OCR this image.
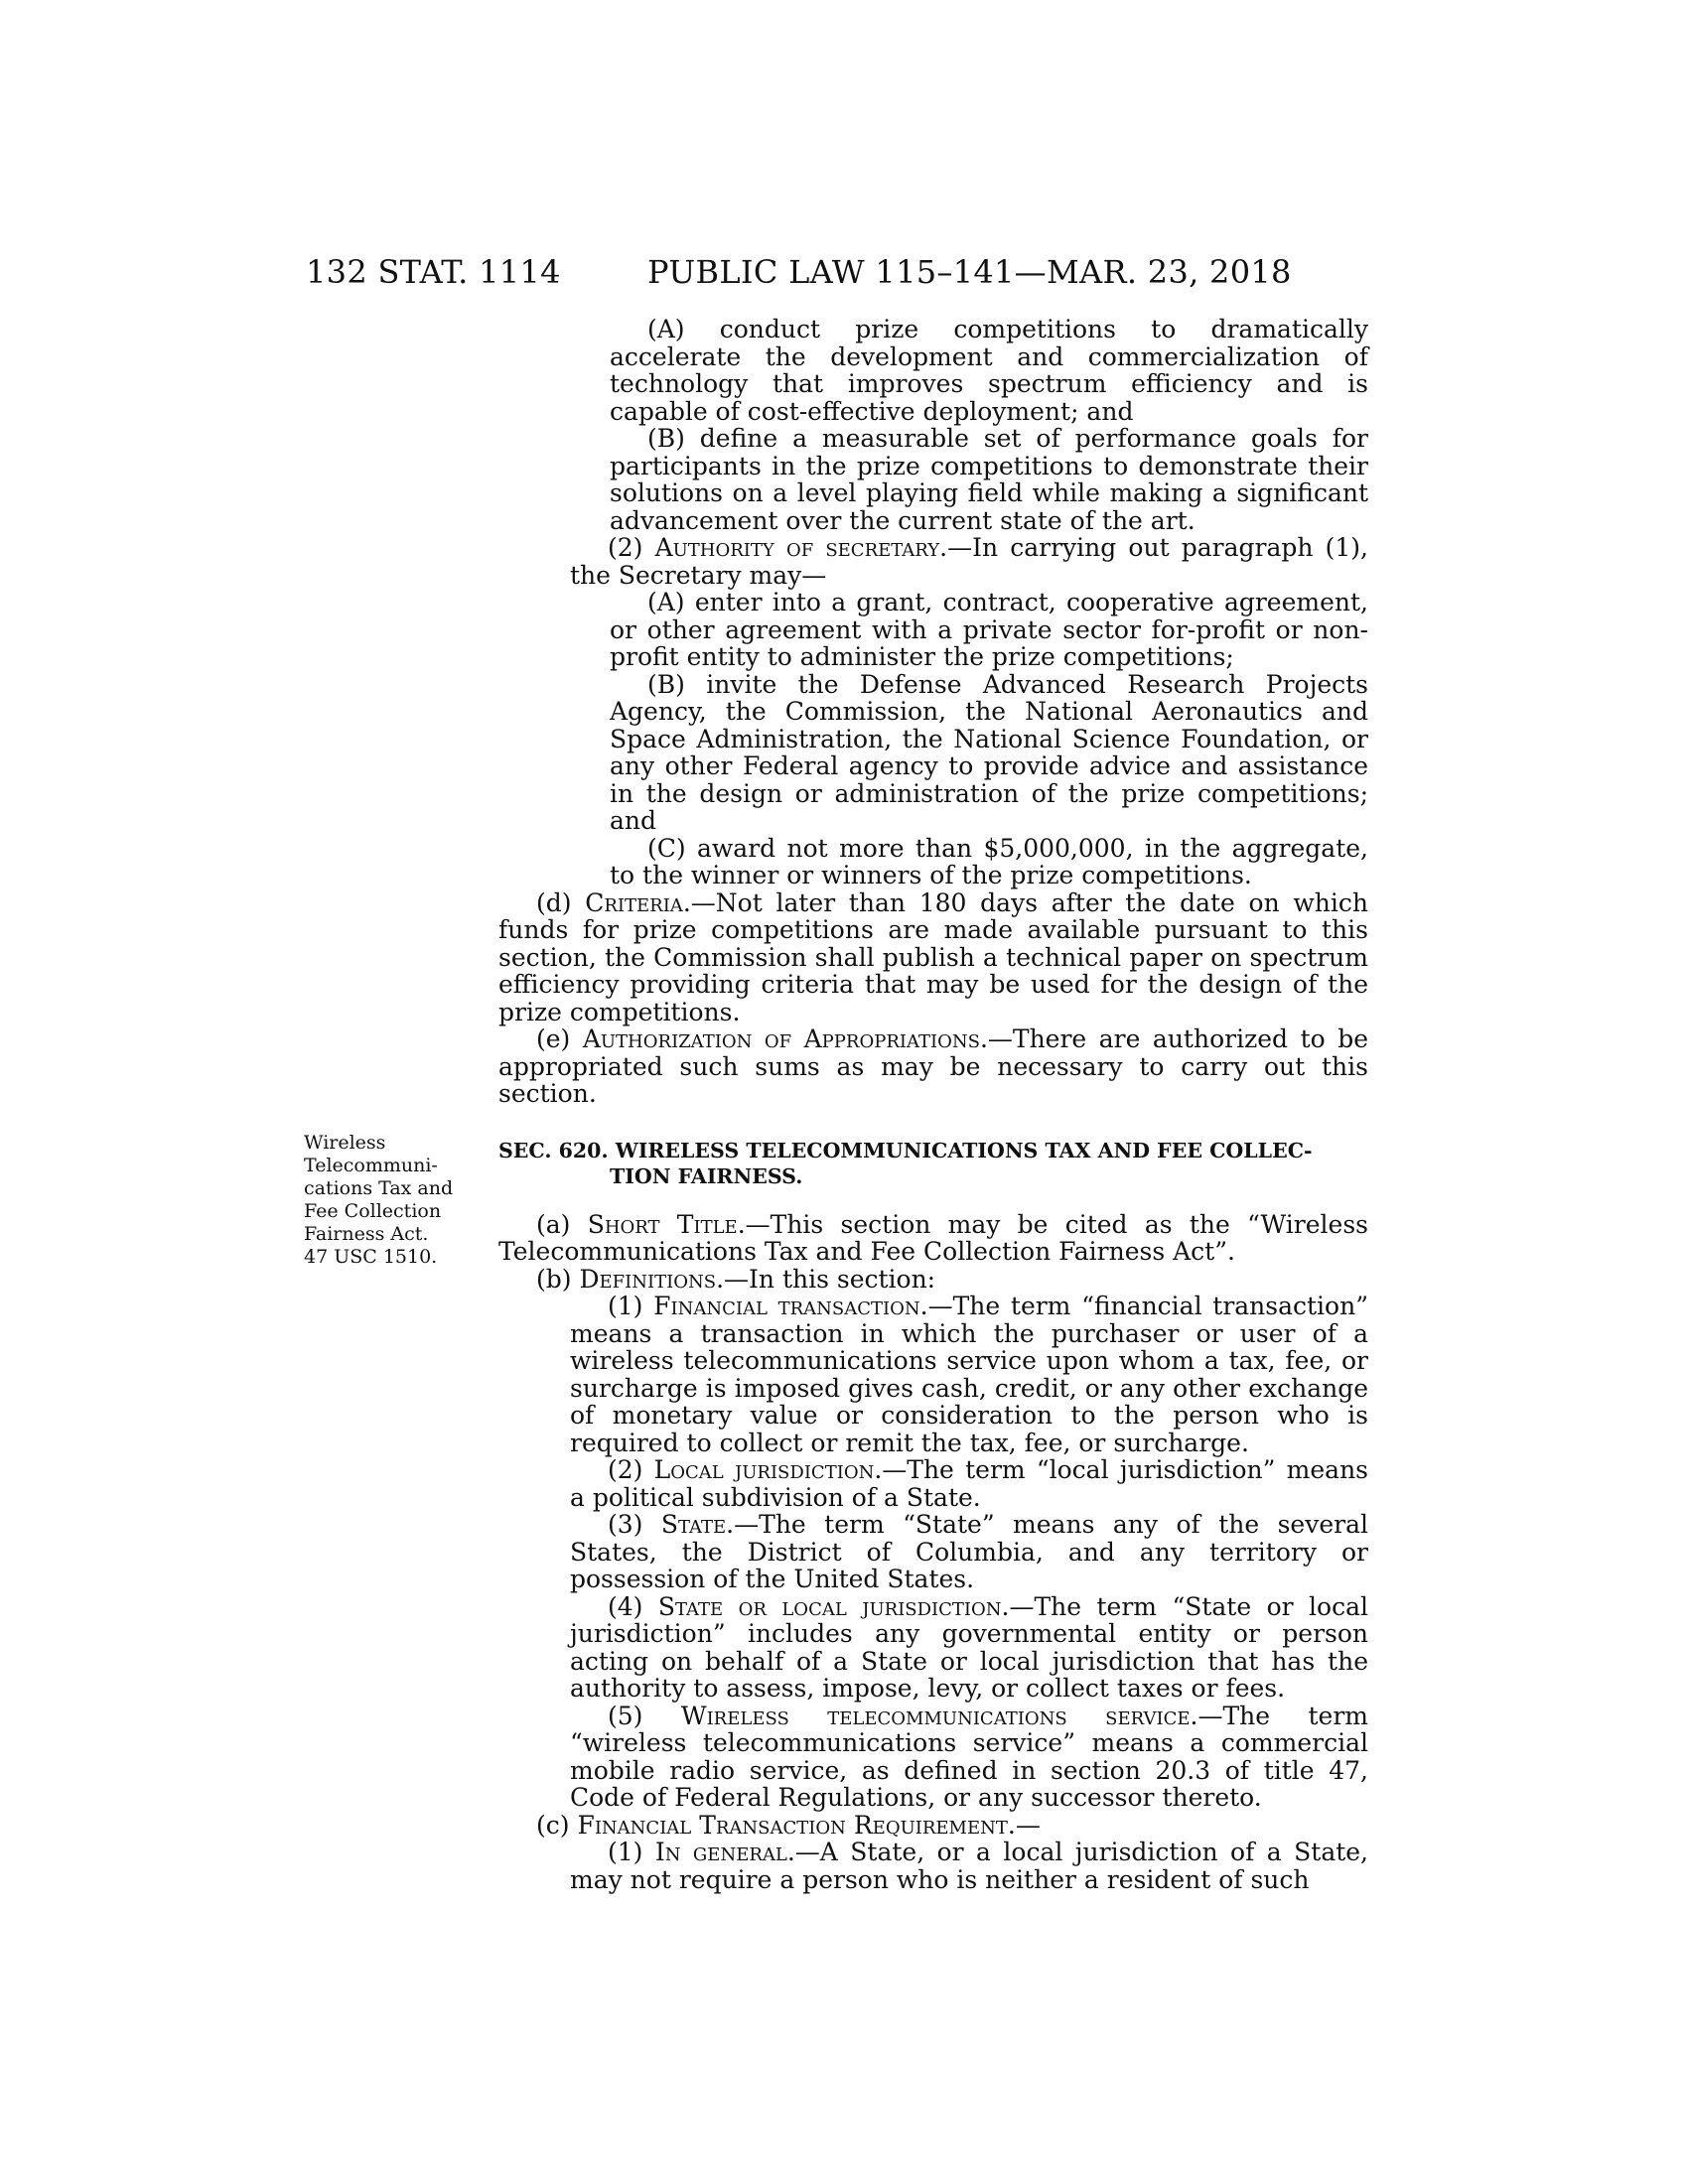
132 STAT. 1114	PUBLIC LAW 115–141—MAR. 23, 2018
Wireless
Telecommuni-
cations Tax and
Fee Collection
Fairness Act.
47 USC 1510.

(A) conduct prize competitions to dramatically accelerate the development and commercialization of technology that improves spectrum efficiency and is capable of cost-effective deployment; and

(B) define a measurable set of performance goals for participants in the prize competitions to demonstrate their solutions on a level playing field while making a significant advancement over the current state of the art.

(2) Authority of secretary.—In carrying out paragraph (1), the Secretary may—

(A) enter into a grant, contract, cooperative agreement, or other agreement with a private sector for-profit or non-profit entity to administer the prize competitions;

(B) invite the Defense Advanced Research Projects Agency, the Commission, the National Aeronautics and Space Administration, the National Science Foundation, or any other Federal agency to provide advice and assistance in the design or administration of the prize competitions; and

(C) award not more than $5,000,000, in the aggregate, to the winner or winners of the prize competitions.

(d) Criteria.—Not later than 180 days after the date on which funds for prize competitions are made available pursuant to this section, the Commission shall publish a technical paper on spectrum efficiency providing criteria that may be used for the design of the prize competitions.

(e) Authorization of Appropriations.—There are authorized to be appropriated such sums as may be necessary to carry out this section.

SEC. 620. WIRELESS TELECOMMUNICATIONS TAX AND FEE COLLEC-
TION FAIRNESS.

(a) Short Title.—This section may be cited as the “Wireless Telecommunications Tax and Fee Collection Fairness Act”.

(b) Definitions.—In this section:

(1) Financial transaction.—The term “financial transaction” means a transaction in which the purchaser or user of a wireless telecommunications service upon whom a tax, fee, or surcharge is imposed gives cash, credit, or any other exchange of monetary value or consideration to the person who is required to collect or remit the tax, fee, or surcharge.

(2) Local jurisdiction.—The term “local jurisdiction” means a political subdivision of a State.

(3) State.—The term “State” means any of the several States, the District of Columbia, and any territory or possession of the United States.

(4) State or local jurisdiction.—The term “State or local jurisdiction” includes any governmental entity or person acting on behalf of a State or local jurisdiction that has the authority to assess, impose, levy, or collect taxes or fees.

(5) Wireless telecommunications service.—The term “wireless telecommunications service” means a commercial mobile radio service, as defined in section 20.3 of title 47, Code of Federal Regulations, or any successor thereto.

(c) Financial Transaction Requirement.—

(1) In general.—A State, or a local jurisdiction of a State, may not require a person who is neither a resident of such
